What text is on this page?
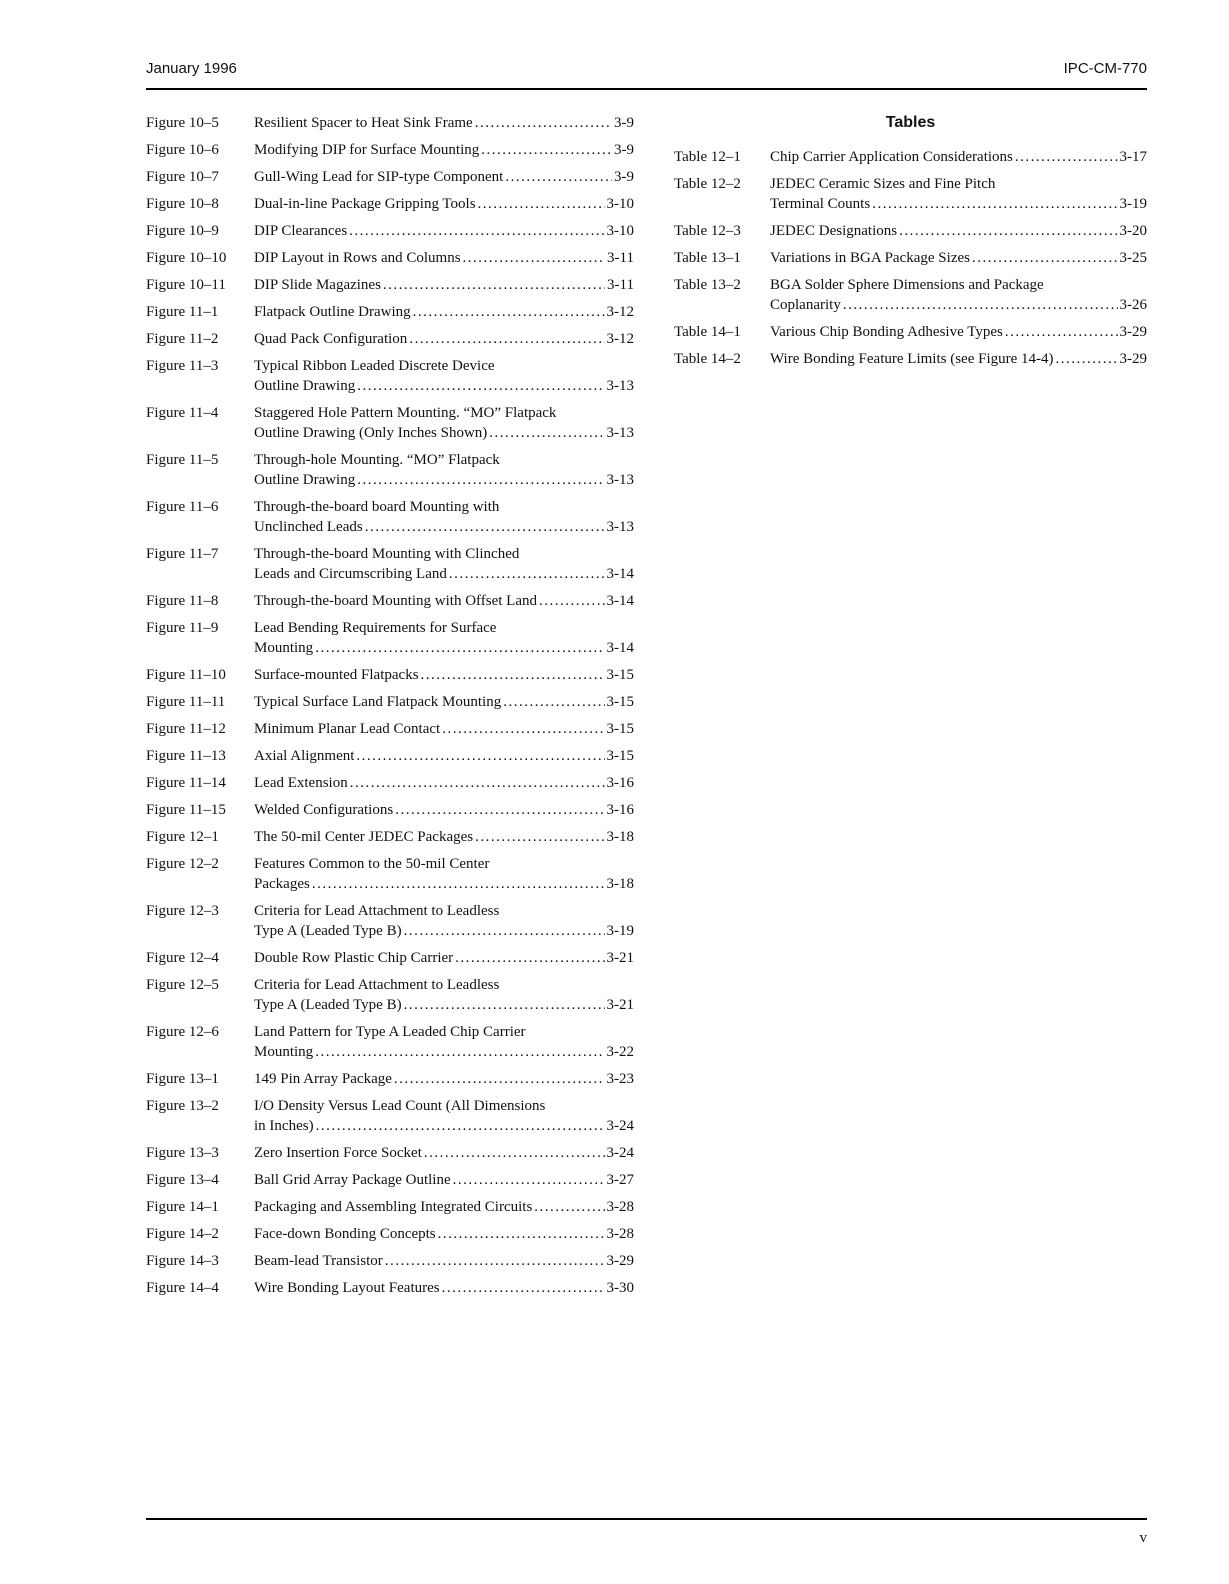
January 1996	IPC-CM-770
Figure 10–5	Resilient Spacer to Heat Sink Frame .....	3-9
Figure 10–6	Modifying DIP for Surface Mounting .....	3-9
Figure 10–7	Gull-Wing Lead for SIP-type Component .....	3-9
Figure 10–8	Dual-in-line Package Gripping Tools .....	3-10
Figure 10–9	DIP Clearances .....	3-10
Figure 10–10	DIP Layout in Rows and Columns .....	3-11
Figure 10–11	DIP Slide Magazines .....	3-11
Figure 11–1	Flatpack Outline Drawing .....	3-12
Figure 11–2	Quad Pack Configuration .....	3-12
Figure 11–3	Typical Ribbon Leaded Discrete Device
Outline Drawing .....	3-13
Figure 11–4	Staggered Hole Pattern Mounting. “MO” Flatpack
Outline Drawing (Only Inches Shown) .....	3-13
Figure 11–5	Through-hole Mounting. “MO” Flatpack
Outline Drawing .....	3-13
Figure 11–6	Through-the-board board Mounting with
Unclinched Leads .....	3-13
Figure 11–7	Through-the-board Mounting with Clinched
Leads and Circumscribing Land .....	3-14
Figure 11–8	Through-the-board Mounting with Offset Land .....	3-14
Figure 11–9	Lead Bending Requirements for Surface
Mounting .....	3-14
Figure 11–10	Surface-mounted Flatpacks .....	3-15
Figure 11–11	Typical Surface Land Flatpack Mounting .....	3-15
Figure 11–12	Minimum Planar Lead Contact .....	3-15
Figure 11–13	Axial Alignment .....	3-15
Figure 11–14	Lead Extension .....	3-16
Figure 11–15	Welded Configurations .....	3-16
Figure 12–1	The 50-mil Center JEDEC Packages .....	3-18
Figure 12–2	Features Common to the 50-mil Center
Packages .....	3-18
Figure 12–3	Criteria for Lead Attachment to Leadless
Type A (Leaded Type B) .....	3-19
Figure 12–4	Double Row Plastic Chip Carrier .....	3-21
Figure 12–5	Criteria for Lead Attachment to Leadless
Type A (Leaded Type B) .....	3-21
Figure 12–6	Land Pattern for Type A Leaded Chip Carrier
Mounting .....	3-22
Figure 13–1	149 Pin Array Package .....	3-23
Figure 13–2	I/O Density Versus Lead Count (All Dimensions
in Inches) .....	3-24
Figure 13–3	Zero Insertion Force Socket .....	3-24
Figure 13–4	Ball Grid Array Package Outline .....	3-27
Figure 14–1	Packaging and Assembling Integrated Circuits .....	3-28
Figure 14–2	Face-down Bonding Concepts .....	3-28
Figure 14–3	Beam-lead Transistor .....	3-29
Figure 14–4	Wire Bonding Layout Features .....	3-30
Tables
Table 12–1	Chip Carrier Application Considerations .....	3-17
Table 12–2	JEDEC Ceramic Sizes and Fine Pitch
Terminal Counts .....	3-19
Table 12–3	JEDEC Designations .....	3-20
Table 13–1	Variations in BGA Package Sizes .....	3-25
Table 13–2	BGA Solder Sphere Dimensions and Package
Coplanarity .....	3-26
Table 14–1	Various Chip Bonding Adhesive Types .....	3-29
Table 14–2	Wire Bonding Feature Limits (see Figure 14-4) .....	3-29
v
